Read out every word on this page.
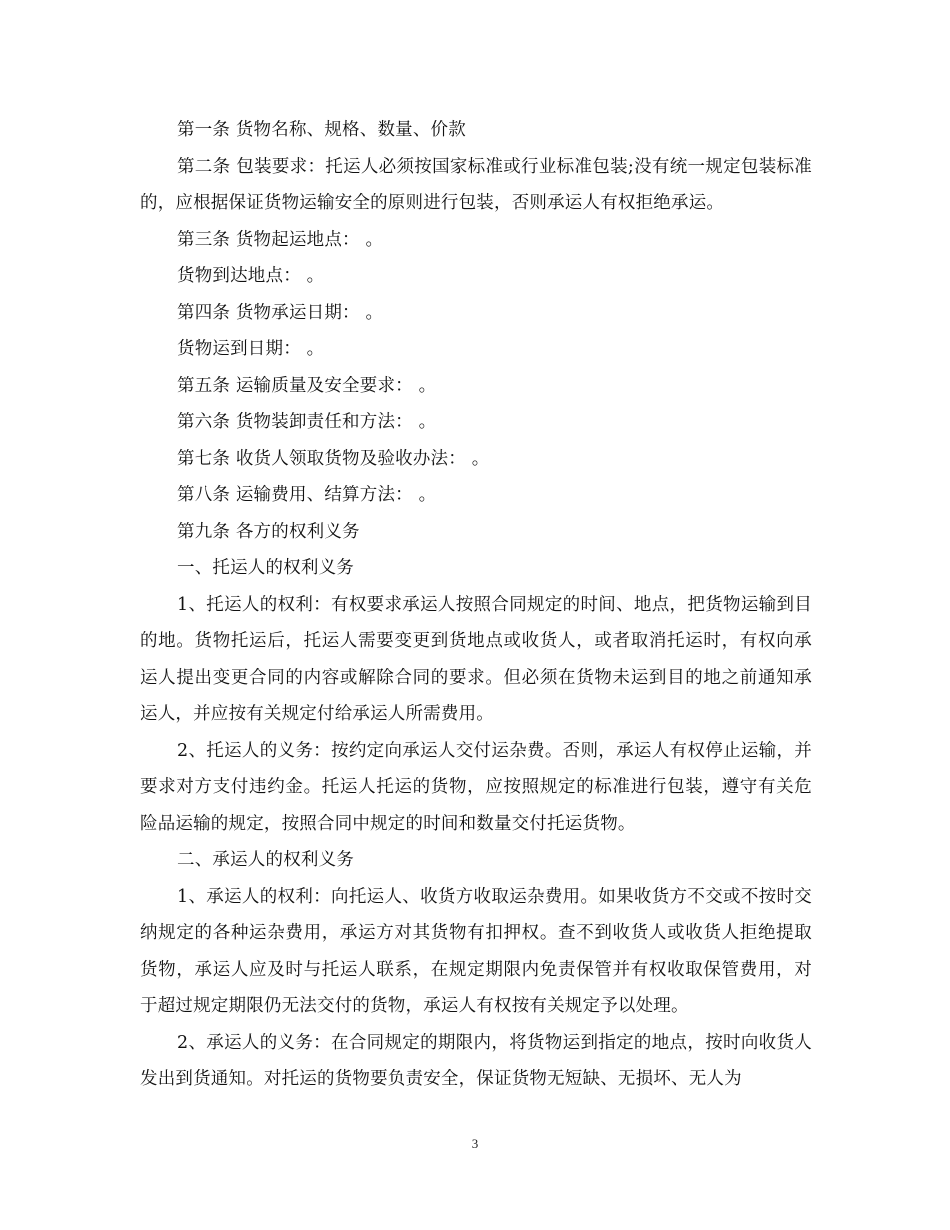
第一条 货物名称、规格、数量、价款

第二条 包装要求：托运人必须按国家标准或行业标准包装;没有统一规定包装标准的，应根据保证货物运输安全的原则进行包装，否则承运人有权拒绝承运。

第三条 货物起运地点： 。

货物到达地点： 。

第四条 货物承运日期： 。

货物运到日期： 。

第五条 运输质量及安全要求： 。

第六条 货物装卸责任和方法： 。

第七条 收货人领取货物及验收办法： 。

第八条 运输费用、结算方法： 。

第九条 各方的权利义务

一、托运人的权利义务

1、托运人的权利：有权要求承运人按照合同规定的时间、地点，把货物运输到目的地。货物托运后，托运人需要变更到货地点或收货人，或者取消托运时，有权向承运人提出变更合同的内容或解除合同的要求。但必须在货物未运到目的地之前通知承运人，并应按有关规定付给承运人所需费用。

2、托运人的义务：按约定向承运人交付运杂费。否则，承运人有权停止运输，并要求对方支付违约金。托运人托运的货物，应按照规定的标准进行包装，遵守有关危险品运输的规定，按照合同中规定的时间和数量交付托运货物。

二、承运人的权利义务

1、承运人的权利：向托运人、收货方收取运杂费用。如果收货方不交或不按时交纳规定的各种运杂费用，承运方对其货物有扣押权。查不到收货人或收货人拒绝提取货物，承运人应及时与托运人联系，在规定期限内免责保管并有权收取保管费用，对于超过规定期限仍无法交付的货物，承运人有权按有关规定予以处理。

2、承运人的义务：在合同规定的期限内，将货物运到指定的地点，按时向收货人发出到货通知。对托运的货物要负责安全，保证货物无短缺、无损坏、无人为

3
